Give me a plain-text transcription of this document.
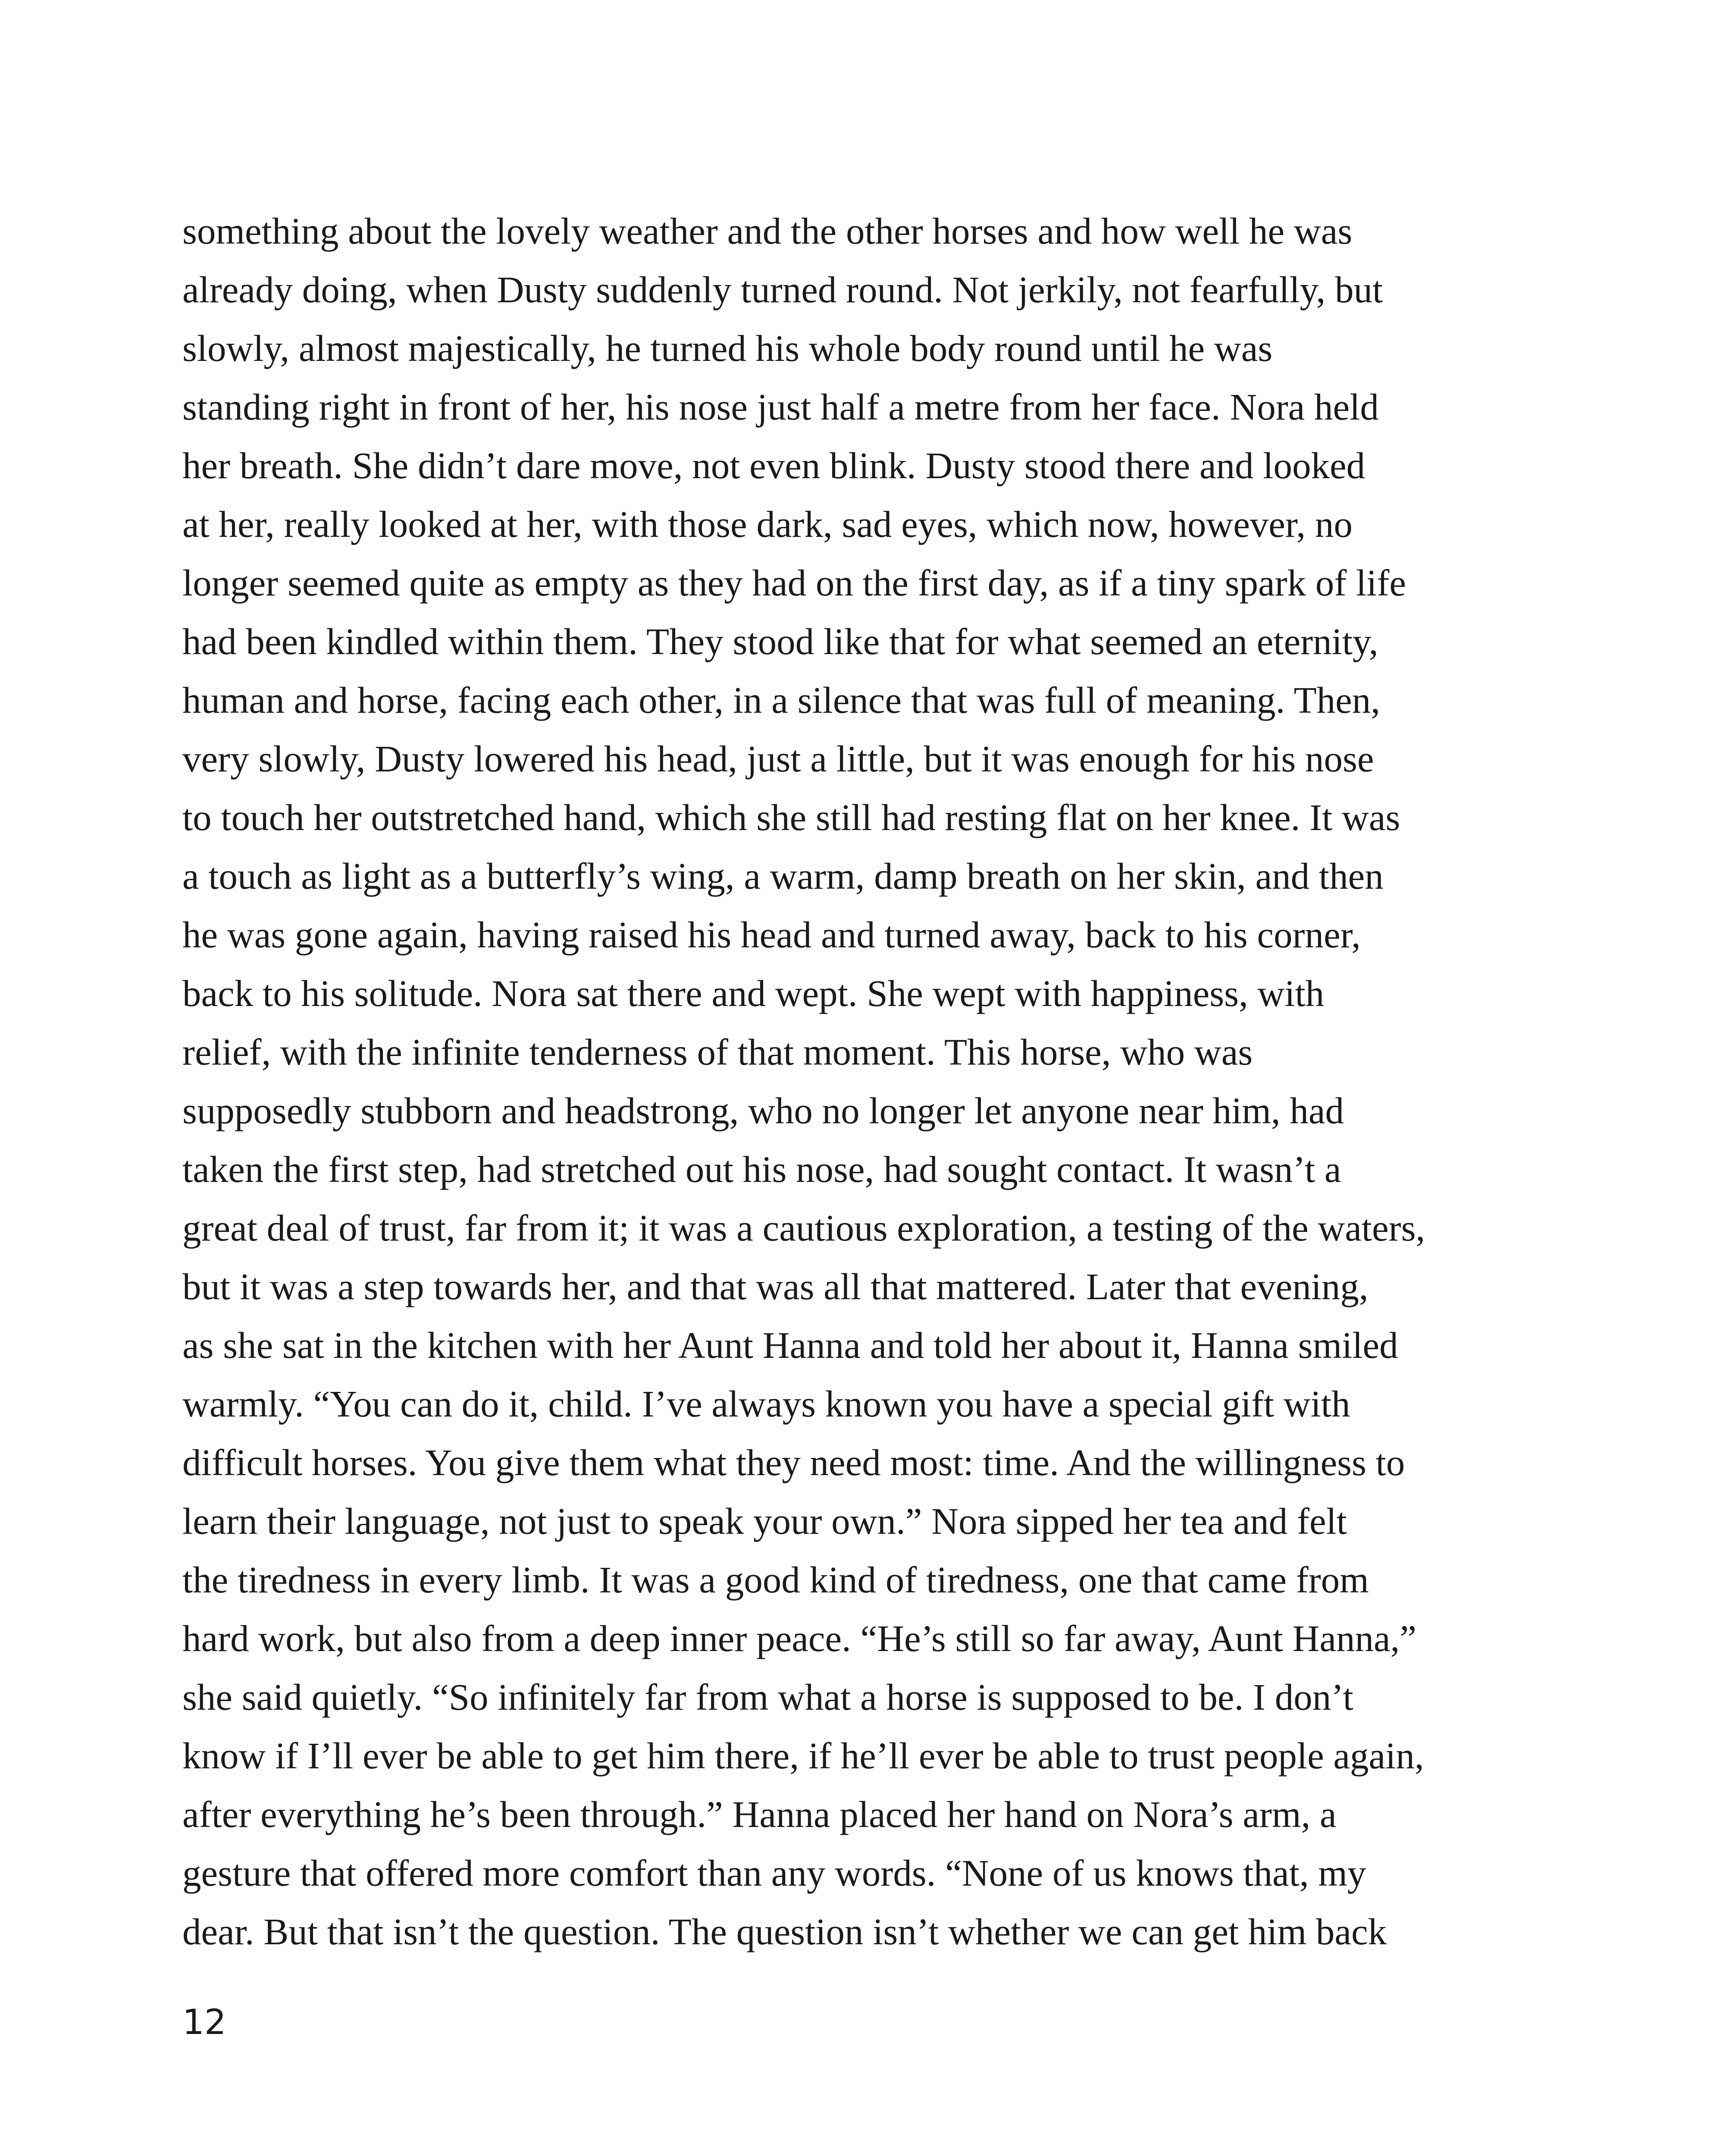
something about the lovely weather and the other horses and how well he was
already doing, when Dusty suddenly turned round. Not jerkily, not fearfully, but
slowly, almost majestically, he turned his whole body round until he was
standing right in front of her, his nose just half a metre from her face. Nora held
her breath. She didn’t dare move, not even blink. Dusty stood there and looked
at her, really looked at her, with those dark, sad eyes, which now, however, no
longer seemed quite as empty as they had on the first day, as if a tiny spark of life
had been kindled within them. They stood like that for what seemed an eternity,
human and horse, facing each other, in a silence that was full of meaning. Then,
very slowly, Dusty lowered his head, just a little, but it was enough for his nose
to touch her outstretched hand, which she still had resting flat on her knee. It was
a touch as light as a butterfly’s wing, a warm, damp breath on her skin, and then
he was gone again, having raised his head and turned away, back to his corner,
back to his solitude. Nora sat there and wept. She wept with happiness, with
relief, with the infinite tenderness of that moment. This horse, who was
supposedly stubborn and headstrong, who no longer let anyone near him, had
taken the first step, had stretched out his nose, had sought contact. It wasn’t a
great deal of trust, far from it; it was a cautious exploration, a testing of the waters,
but it was a step towards her, and that was all that mattered. Later that evening,
as she sat in the kitchen with her Aunt Hanna and told her about it, Hanna smiled
warmly. “You can do it, child. I’ve always known you have a special gift with
difficult horses. You give them what they need most: time. And the willingness to
learn their language, not just to speak your own.” Nora sipped her tea and felt
the tiredness in every limb. It was a good kind of tiredness, one that came from
hard work, but also from a deep inner peace. “He’s still so far away, Aunt Hanna,”
she said quietly. “So infinitely far from what a horse is supposed to be. I don’t
know if I’ll ever be able to get him there, if he’ll ever be able to trust people again,
after everything he’s been through.” Hanna placed her hand on Nora’s arm, a
gesture that offered more comfort than any words. “None of us knows that, my
dear. But that isn’t the question. The question isn’t whether we can get him back
12
